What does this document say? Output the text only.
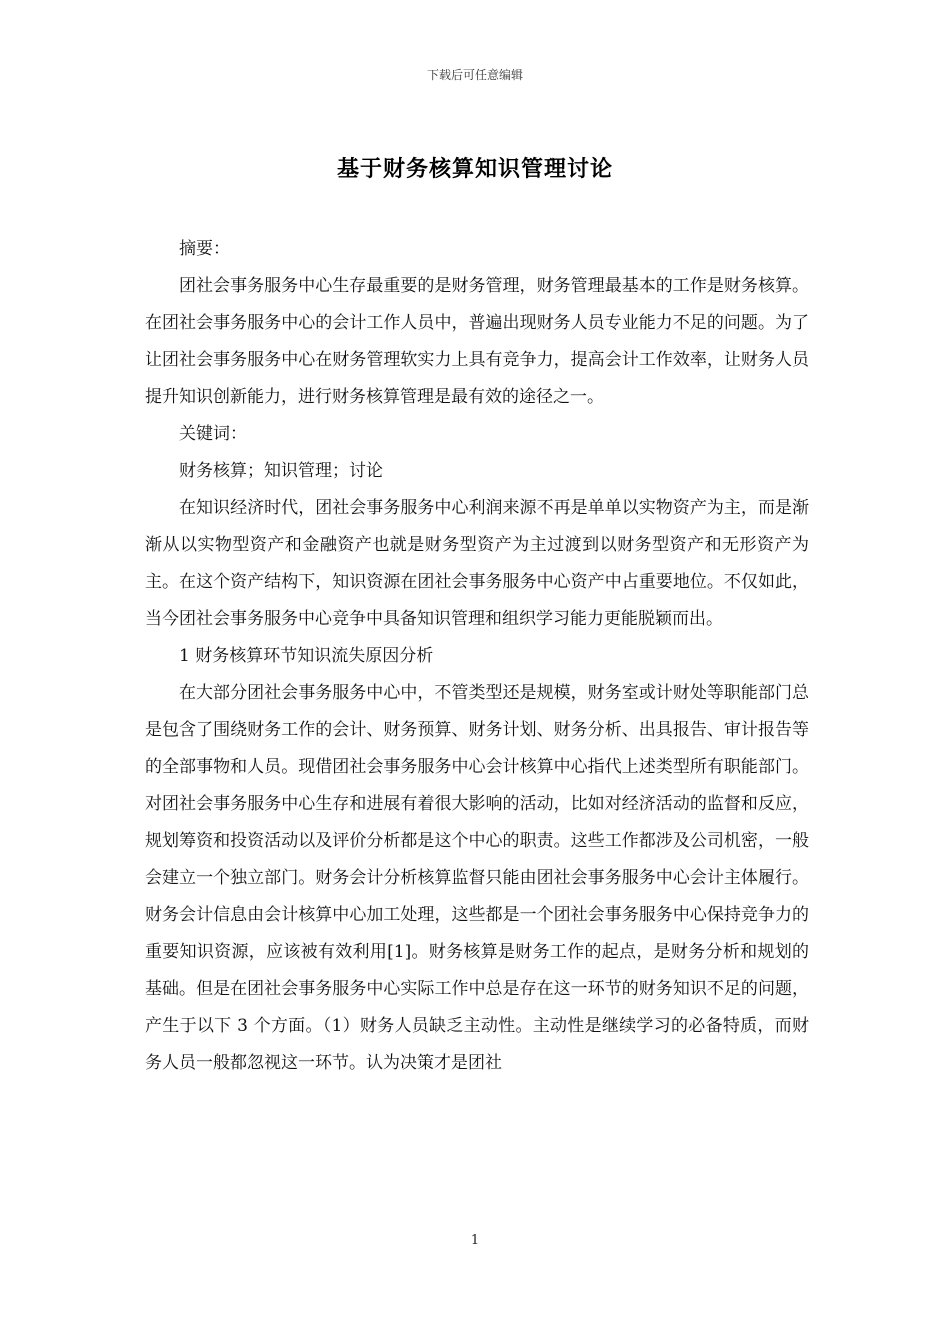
下载后可任意编辑
基于财务核算知识管理讨论

摘要：

团社会事务服务中心生存最重要的是财务管理，财务管理最基本的工作是财务核算。在团社会事务服务中心的会计工作人员中，普遍出现财务人员专业能力不足的问题。为了让团社会事务服务中心在财务管理软实力上具有竞争力，提高会计工作效率，让财务人员提升知识创新能力，进行财务核算管理是最有效的途径之一。

关键词：

财务核算；知识管理；讨论

在知识经济时代，团社会事务服务中心利润来源不再是单单以实物资产为主，而是渐渐从以实物型资产和金融资产也就是财务型资产为主过渡到以财务型资产和无形资产为主。在这个资产结构下，知识资源在团社会事务服务中心资产中占重要地位。不仅如此，当今团社会事务服务中心竞争中具备知识管理和组织学习能力更能脱颖而出。

1 财务核算环节知识流失原因分析

在大部分团社会事务服务中心中，不管类型还是规模，财务室或计财处等职能部门总是包含了围绕财务工作的会计、财务预算、财务计划、财务分析、出具报告、审计报告等的全部事物和人员。现借团社会事务服务中心会计核算中心指代上述类型所有职能部门。对团社会事务服务中心生存和进展有着很大影响的活动，比如对经济活动的监督和反应，规划筹资和投资活动以及评价分析都是这个中心的职责。这些工作都涉及公司机密，一般会建立一个独立部门。财务会计分析核算监督只能由团社会事务服务中心会计主体履行。财务会计信息由会计核算中心加工处理，这些都是一个团社会事务服务中心保持竞争力的重要知识资源，应该被有效利用[1]。财务核算是财务工作的起点，是财务分析和规划的基础。但是在团社会事务服务中心实际工作中总是存在这一环节的财务知识不足的问题，产生于以下 3 个方面。（1）财务人员缺乏主动性。主动性是继续学习的必备特质，而财务人员一般都忽视这一环节。认为决策才是团社

1
